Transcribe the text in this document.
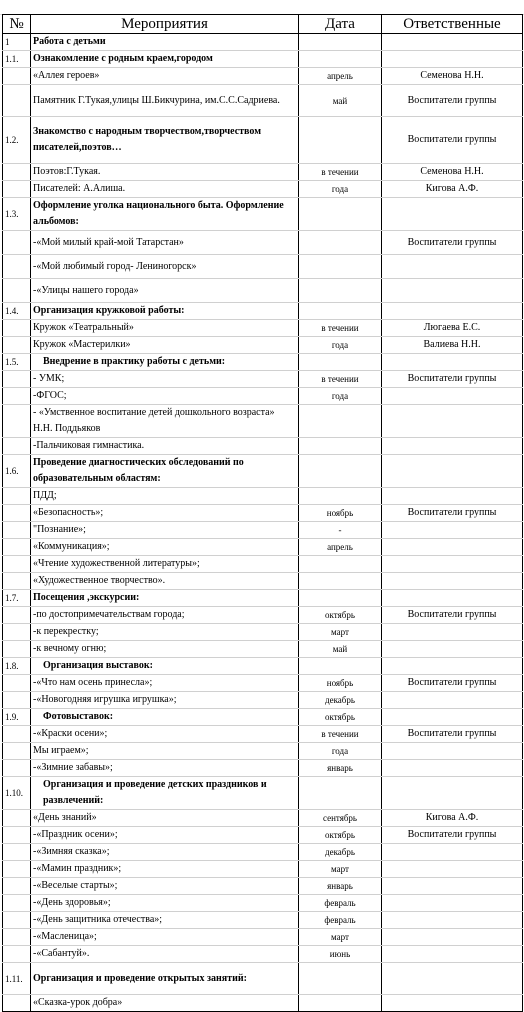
№	Мероприятия	Дата	Ответственные
1	Работа с детьми		
1.1.	Ознакомление с родным краем,городом		
	«Аллея героев»	апрель	Семенова Н.Н.
	Памятник Г.Тукая,улицы Ш.Бикчурина, им.С.С.Садриева.	май	Воспитатели группы
1.2.	Знакомство с народным творчеством,творчеством писателей,поэтов…		Воспитатели группы
	Поэтов:Г.Тукая.	в течении	Семенова Н.Н.
	Писателей: А.Алиша.	года	Кигова А.Ф.
1.3.	Оформление уголка национального быта. Оформление альбомов:		
	-«Мой милый край-мой Татарстан»		Воспитатели группы
	-«Мой любимый город- Лениногорск»		
	-«Улицы нашего города»		
1.4.	Организация кружковой работы:		
	Кружок «Театральный»	в течении	Люгаева Е.С.
	Кружок «Мастерилки»	года	Валиева Н.Н.
1.5.	Внедрение в практику работы с детьми:		
	- УМК;	в течении	Воспитатели группы
	-ФГОС;	года	
	- «Умственное воспитание детей дошкольного возраста» Н.Н. Поддьяков		
	-Пальчиковая гимнастика.		
1.6.	Проведение диагностических обследований по образовательным областям:		
	ПДД;		
	«Безопасность»;	ноябрь	Воспитатели группы
	"Познание»;	-	
	«Коммуникация»;	апрель	
	«Чтение художественной литературы»;		
	«Художественное творчество».		
1.7.	Посещения ,экскурсии:		
	-по достопримечательствам города;	октябрь	Воспитатели группы
	-к перекрестку;	март	
	-к вечному огню;	май	
1.8.	Организация выставок:		
	-«Что нам осень принесла»;	ноябрь	Воспитатели группы
	-«Новогодняя игрушка игрушка»;	декабрь	
1.9.	Фотовыставок:	октябрь	
	-«Краски осени»;	в течении	Воспитатели группы
	Мы играем»;	года	
	-«Зимние забавы»;	январь	
1.10.	Организация и проведение детских праздников и развлечений:		
	«День знаний»	сентябрь	Кигова А.Ф.
	-«Праздник осени»;	октябрь	Воспитатели группы
	-«Зимняя сказка»;	декабрь	
	-«Мамин праздник»;	март	
	-«Веселые старты»;	январь	
	-«День здоровья»;	февраль	
	-«День защитника отечества»;	февраль	
	-«Масленица»;	март	
	-«Сабантуй».	июнь	
1.11.	Организация и проведение открытых занятий:		
	«Сказка-урок добра»		
